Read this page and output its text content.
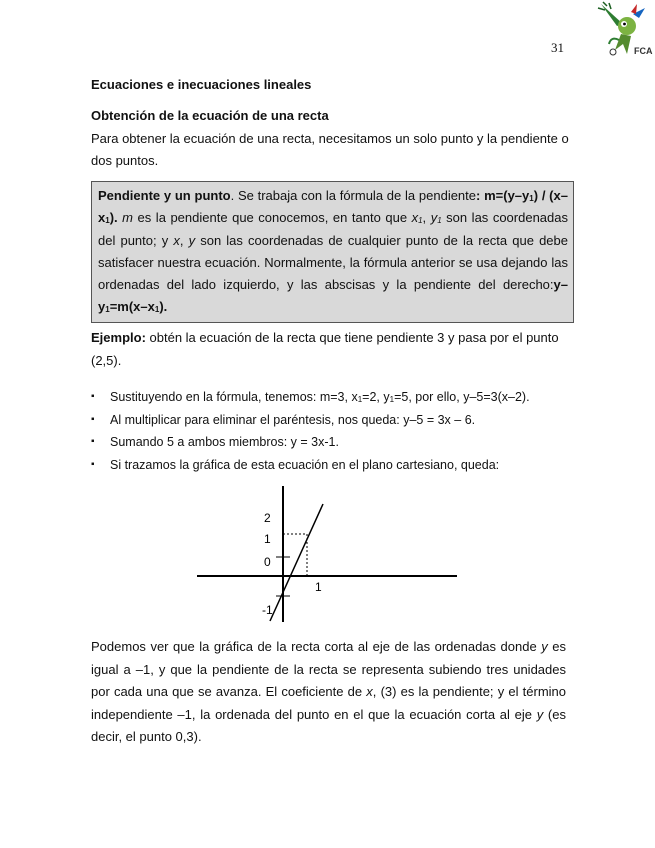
31	FCA
Ecuaciones e inecuaciones lineales
Obtención de la ecuación de una recta
Para obtener la ecuación de una recta, necesitamos un solo punto y la pendiente o dos puntos.
Pendiente y un punto. Se trabaja con la fórmula de la pendiente: $m=(y-y_1) / (x-x_1)$. m es la pendiente que conocemos, en tanto que $x_1$, $y_1$ son las coordenadas del punto; y x, y son las coordenadas de cualquier punto de la recta que debe satisfacer nuestra ecuación. Normalmente, la fórmula anterior se usa dejando las ordenadas del lado izquierdo, y las abscisas y la pendiente del $derecho:y-y_1=m(x-x_1)$.
Ejemplo: obtén la ecuación de la recta que tiene pendiente 3 y pasa por el punto (2,5).
▪ Sustituyendo en la fórmula, tenemos: m=3, $x_1=2$, $y_1=5$, por ello, y–5=3(x–2).
▪ Al multiplicar para eliminar el paréntesis, nos queda: y–5 = 3x – 6.
▪ Sumando 5 a ambos miembros: y = 3x-1.
▪ Si trazamos la gráfica de esta ecuación en el plano cartesiano, queda:
2
1
0
1
-1
Podemos ver que la gráfica de la recta corta al eje de las ordenadas donde y es igual a –1, y que la pendiente de la recta se representa subiendo tres unidades por cada una que se avanza. El coeficiente de x, (3) es la pendiente; y el término independiente –1, la ordenada del punto en el que la ecuación corta al eje y (es decir, el punto 0,3).
